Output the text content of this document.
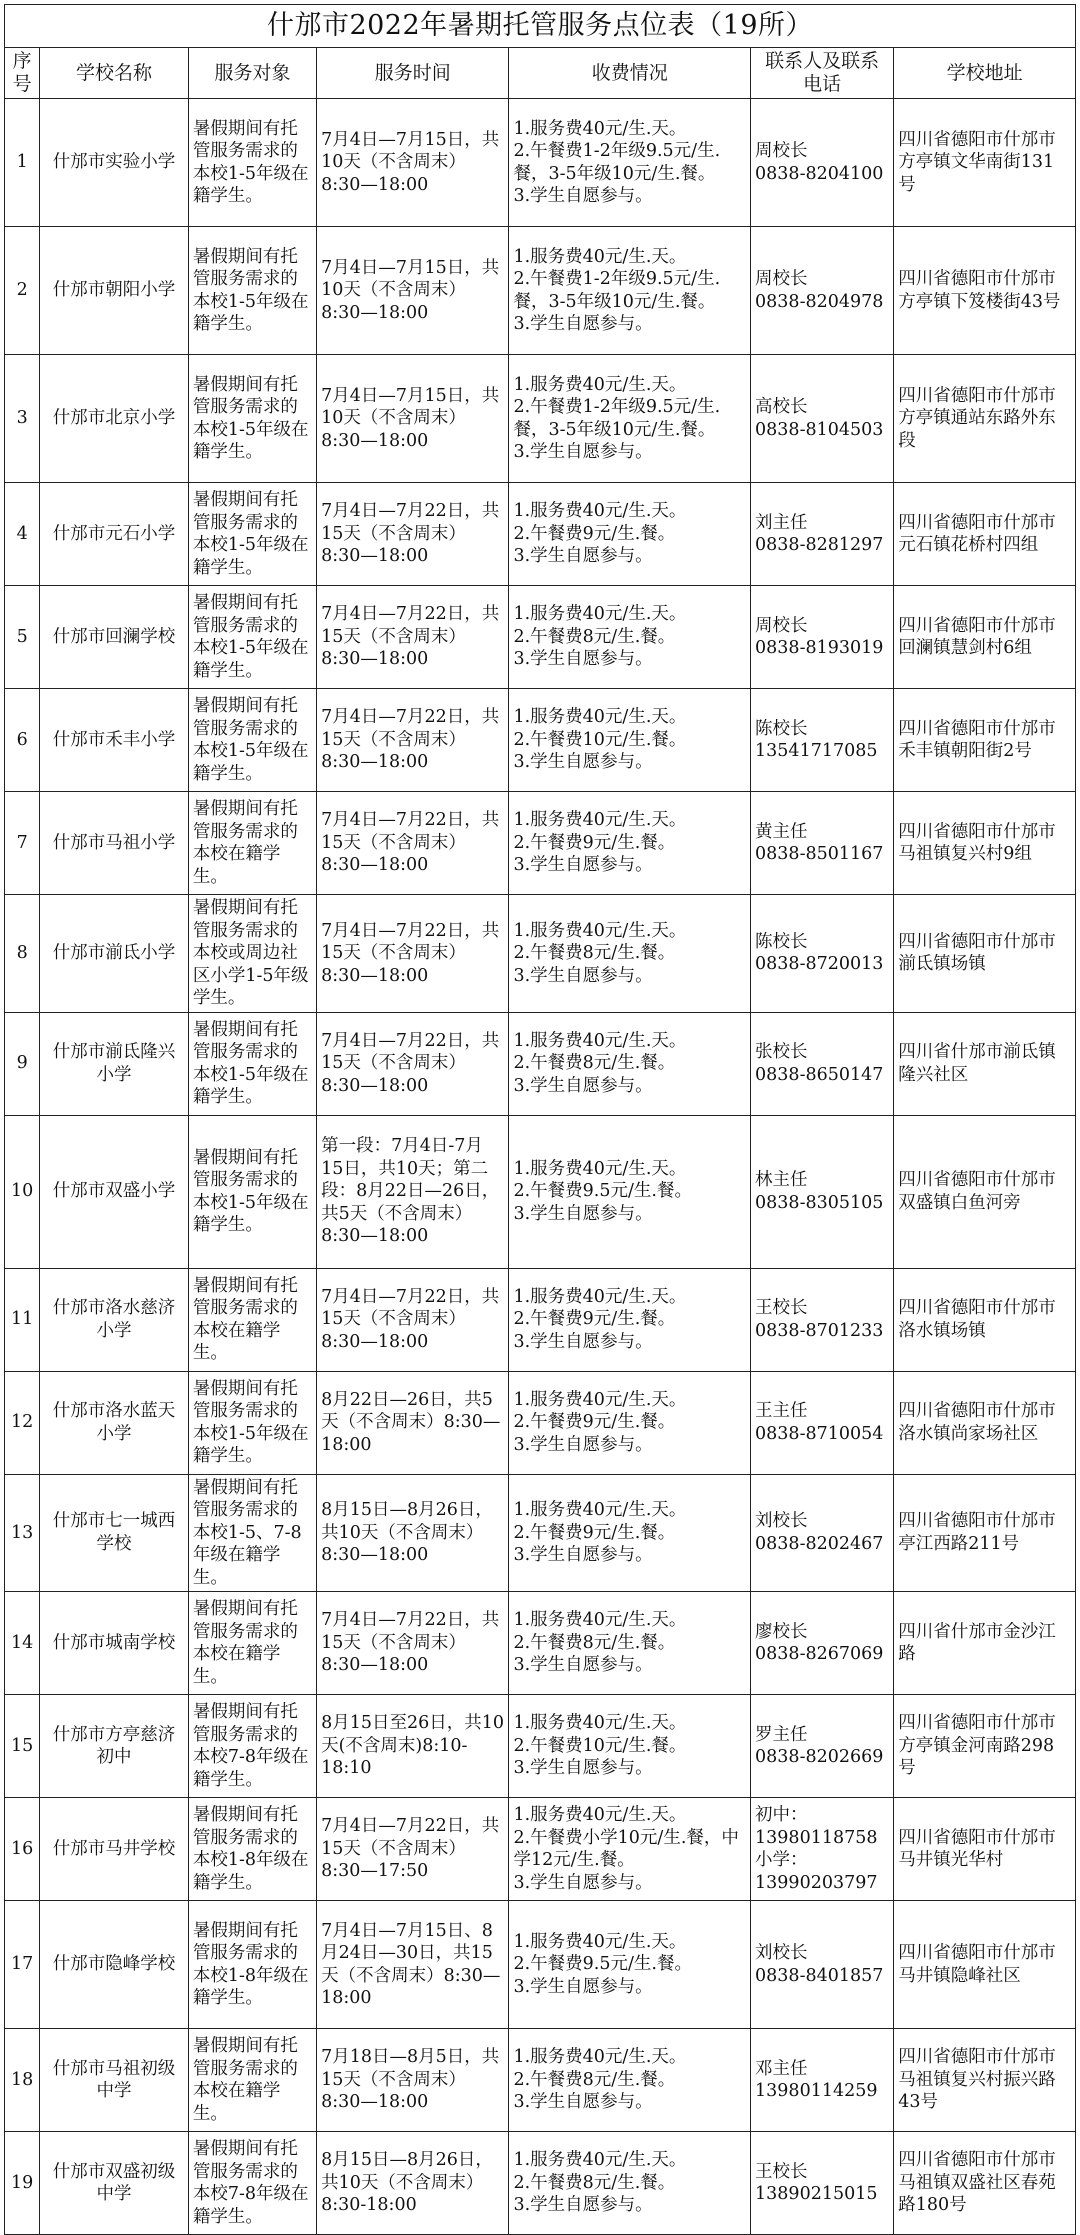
什邡市2022年暑期托管服务点位表（19所）
序
号	学校名称	服务对象	服务时间	收费情况	联系人及联系
电话	学校地址
1	什邡市实验小学	暑假期间有托管服务需求的本校1-5年级在籍学生。	7月4日—7月15日，共10天（不含周末）8:30—18:00	1.服务费40元/生.天。
2.午餐费1-2年级9.5元/生.餐，3-5年级10元/生.餐。
3.学生自愿参与。	周校长
0838-8204100	四川省德阳市什邡市方亭镇文华南街131号
2	什邡市朝阳小学	暑假期间有托管服务需求的本校1-5年级在籍学生。	7月4日—7月15日，共10天（不含周末）8:30—18:00	1.服务费40元/生.天。
2.午餐费1-2年级9.5元/生.餐，3-5年级10元/生.餐。
3.学生自愿参与。	周校长
0838-8204978	四川省德阳市什邡市方亭镇下笈楼街43号
3	什邡市北京小学	暑假期间有托管服务需求的本校1-5年级在籍学生。	7月4日—7月15日，共10天（不含周末）8:30—18:00	1.服务费40元/生.天。
2.午餐费1-2年级9.5元/生.餐，3-5年级10元/生.餐。
3.学生自愿参与。	高校长
0838-8104503	四川省德阳市什邡市方亭镇通站东路外东段
4	什邡市元石小学	暑假期间有托管服务需求的本校1-5年级在籍学生。	7月4日—7月22日，共15天（不含周末）8:30—18:00	1.服务费40元/生.天。
2.午餐费9元/生.餐。
3.学生自愿参与。	刘主任
0838-8281297	四川省德阳市什邡市元石镇花桥村四组
5	什邡市回澜学校	暑假期间有托管服务需求的本校1-5年级在籍学生。	7月4日—7月22日，共15天（不含周末）8:30—18:00	1.服务费40元/生.天。
2.午餐费8元/生.餐。
3.学生自愿参与。	周校长
0838-8193019	四川省德阳市什邡市回澜镇慧剑村6组
6	什邡市禾丰小学	暑假期间有托管服务需求的本校1-5年级在籍学生。	7月4日—7月22日，共15天（不含周末）8:30—18:00	1.服务费40元/生.天。
2.午餐费10元/生.餐。
3.学生自愿参与。	陈校长
13541717085	四川省德阳市什邡市禾丰镇朝阳街2号
7	什邡市马祖小学	暑假期间有托管服务需求的本校在籍学生。	7月4日—7月22日，共15天（不含周末）8:30—18:00	1.服务费40元/生.天。
2.午餐费9元/生.餐。
3.学生自愿参与。	黄主任
0838-8501167	四川省德阳市什邡市马祖镇复兴村9组
8	什邡市湔氐小学	暑假期间有托管服务需求的本校或周边社区小学1-5年级学生。	7月4日—7月22日，共15天（不含周末）8:30—18:00	1.服务费40元/生.天。
2.午餐费8元/生.餐。
3.学生自愿参与。	陈校长
0838-8720013	四川省德阳市什邡市湔氐镇场镇
9	什邡市湔氐隆兴小学	暑假期间有托管服务需求的本校1-5年级在籍学生。	7月4日—7月22日，共15天（不含周末）8:30—18:00	1.服务费40元/生.天。
2.午餐费8元/生.餐。
3.学生自愿参与。	张校长
0838-8650147	四川省什邡市湔氐镇隆兴社区
10	什邡市双盛小学	暑假期间有托管服务需求的本校1-5年级在籍学生。	第一段：7月4日-7月15日，共10天；第二段：8月22日—26日，共5天（不含周末）8:30—18:00	1.服务费40元/生.天。
2.午餐费9.5元/生.餐。
3.学生自愿参与。	林主任
0838-8305105	四川省德阳市什邡市双盛镇白鱼河旁
11	什邡市洛水慈济小学	暑假期间有托管服务需求的本校在籍学生。	7月4日—7月22日，共15天（不含周末）8:30—18:00	1.服务费40元/生.天。
2.午餐费9元/生.餐。
3.学生自愿参与。	王校长
0838-8701233	四川省德阳市什邡市洛水镇场镇
12	什邡市洛水蓝天小学	暑假期间有托管服务需求的本校1-5年级在籍学生。	8月22日—26日，共5天（不含周末）8:30—18:00	1.服务费40元/生.天。
2.午餐费9元/生.餐。
3.学生自愿参与。	王主任
0838-8710054	四川省德阳市什邡市洛水镇尚家场社区
13	什邡市七一城西学校	暑假期间有托管服务需求的本校1-5、7-8年级在籍学生。	8月15日—8月26日，共10天（不含周末）8:30—18:00	1.服务费40元/生.天。
2.午餐费9元/生.餐。
3.学生自愿参与。	刘校长
0838-8202467	四川省德阳市什邡市亭江西路211号
14	什邡市城南学校	暑假期间有托管服务需求的本校在籍学生。	7月4日—7月22日，共15天（不含周末）8:30—18:00	1.服务费40元/生.天。
2.午餐费8元/生.餐。
3.学生自愿参与。	廖校长
0838-8267069	四川省什邡市金沙江路
15	什邡市方亭慈济初中	暑假期间有托管服务需求的本校7-8年级在籍学生。	8月15日至26日，共10天(不含周末)8:10-18:10	1.服务费40元/生.天。
2.午餐费10元/生.餐。
3.学生自愿参与。	罗主任
0838-8202669	四川省德阳市什邡市方亭镇金河南路298号
16	什邡市马井学校	暑假期间有托管服务需求的本校1-8年级在籍学生。	7月4日—7月22日，共15天（不含周末）8:30—17:50	1.服务费40元/生.天。
2.午餐费小学10元/生.餐，中学12元/生.餐。
3.学生自愿参与。	初中：
13980118758
小学：
13990203797	四川省德阳市什邡市马井镇光华村
17	什邡市隐峰学校	暑假期间有托管服务需求的本校1-8年级在籍学生。	7月4日—7月15日、8月24日—30日，共15天（不含周末）8:30—18:00	1.服务费40元/生.天。
2.午餐费9.5元/生.餐。
3.学生自愿参与。	刘校长
0838-8401857	四川省德阳市什邡市马井镇隐峰社区
18	什邡市马祖初级中学	暑假期间有托管服务需求的本校在籍学生。	7月18日—8月5日，共15天（不含周末）8:30—18:00	1.服务费40元/生.天。
2.午餐费8元/生.餐。
3.学生自愿参与。	邓主任
13980114259	四川省德阳市什邡市马祖镇复兴村振兴路43号
19	什邡市双盛初级中学	暑假期间有托管服务需求的本校7-8年级在籍学生。	8月15日—8月26日，共10天（不含周末）8:30-18:00	1.服务费40元/生.天。
2.午餐费8元/生.餐。
3.学生自愿参与。	王校长
13890215015	四川省德阳市什邡市马祖镇双盛社区春苑路180号
